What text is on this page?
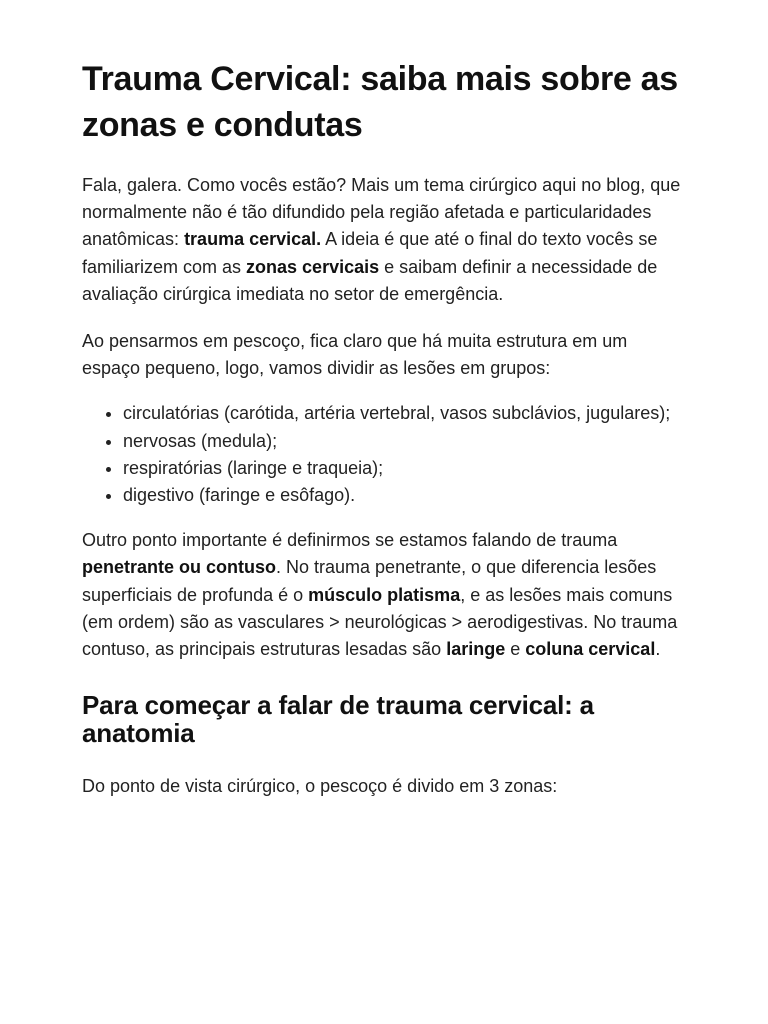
Trauma Cervical: saiba mais sobre as zonas e condutas

Fala, galera. Como vocês estão? Mais um tema cirúrgico aqui no blog, que normalmente não é tão difundido pela região afetada e particularidades anatômicas: trauma cervical. A ideia é que até o final do texto vocês se familiarizem com as zonas cervicais e saibam definir a necessidade de avaliação cirúrgica imediata no setor de emergência.

Ao pensarmos em pescoço, fica claro que há muita estrutura em um espaço pequeno, logo, vamos dividir as lesões em grupos:

• circulatórias (carótida, artéria vertebral, vasos subclávios, jugulares);
• nervosas (medula);
• respiratórias (laringe e traqueia);
• digestivo (faringe e esôfago).

Outro ponto importante é definirmos se estamos falando de trauma penetrante ou contuso. No trauma penetrante, o que diferencia lesões superficiais de profunda é o músculo platisma, e as lesões mais comuns (em ordem) são as vasculares > neurológicas > aerodigestivas. No trauma contuso, as principais estruturas lesadas são laringe e coluna cervical.

Para começar a falar de trauma cervical: a anatomia

Do ponto de vista cirúrgico, o pescoço é divido em 3 zonas:
